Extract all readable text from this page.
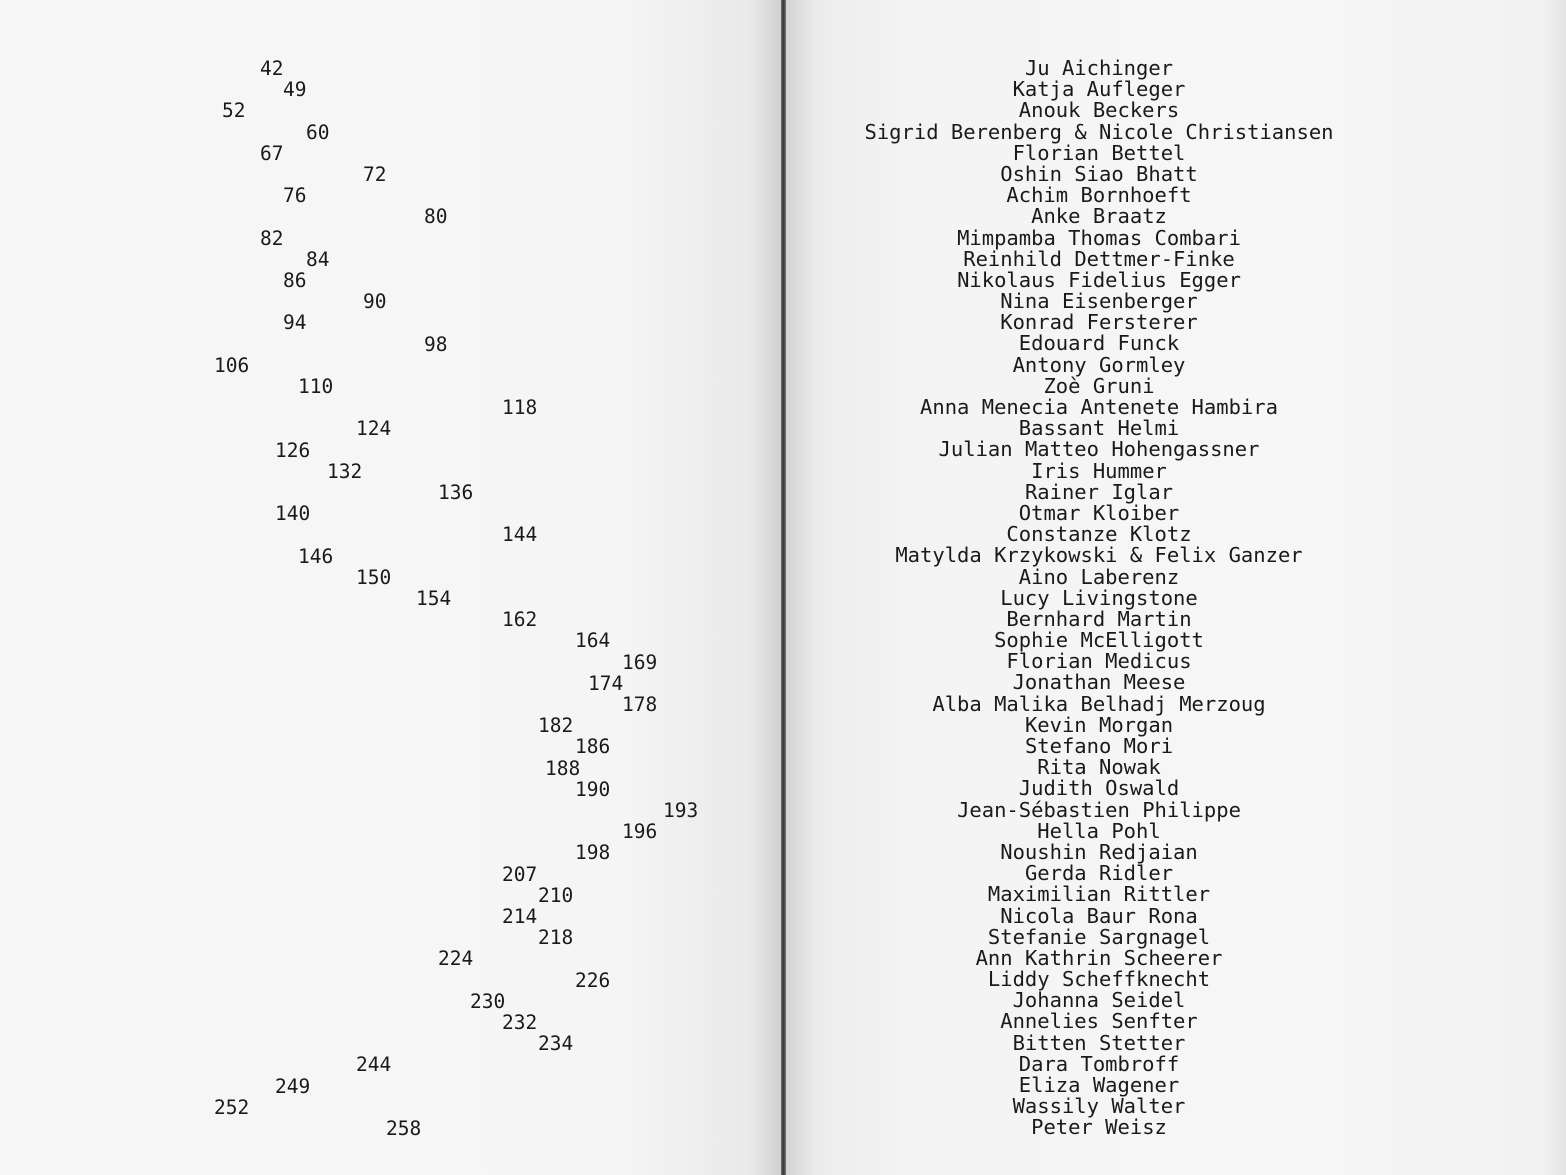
42
49
52
60
67
72
76
80
82
84
86
90
94
98
106
110
118
124
126
132
136
140
144
146
150
154
162
164
169
174
178
182
186
188
190
193
196
198
207
210
214
218
224
226
230
232
234
244
249
252
258
Ju Aichinger
Katja Aufleger
Anouk Beckers
Sigrid Berenberg & Nicole Christiansen
Florian Bettel
Oshin Siao Bhatt
Achim Bornhoeft
Anke Braatz
Mimpamba Thomas Combari
Reinhild Dettmer-Finke
Nikolaus Fidelius Egger
Nina Eisenberger
Konrad Fersterer
Edouard Funck
Antony Gormley
Zoè Gruni
Anna Menecia Antenete Hambira
Bassant Helmi
Julian Matteo Hohengassner
Iris Hummer
Rainer Iglar
Otmar Kloiber
Constanze Klotz
Matylda Krzykowski & Felix Ganzer
Aino Laberenz
Lucy Livingstone
Bernhard Martin
Sophie McElligott
Florian Medicus
Jonathan Meese
Alba Malika Belhadj Merzoug
Kevin Morgan
Stefano Mori
Rita Nowak
Judith Oswald
Jean-Sébastien Philippe
Hella Pohl
Noushin Redjaian
Gerda Ridler
Maximilian Rittler
Nicola Baur Rona
Stefanie Sargnagel
Ann Kathrin Scheerer
Liddy Scheffknecht
Johanna Seidel
Annelies Senfter
Bitten Stetter
Dara Tombroff
Eliza Wagener
Wassily Walter
Peter Weisz
